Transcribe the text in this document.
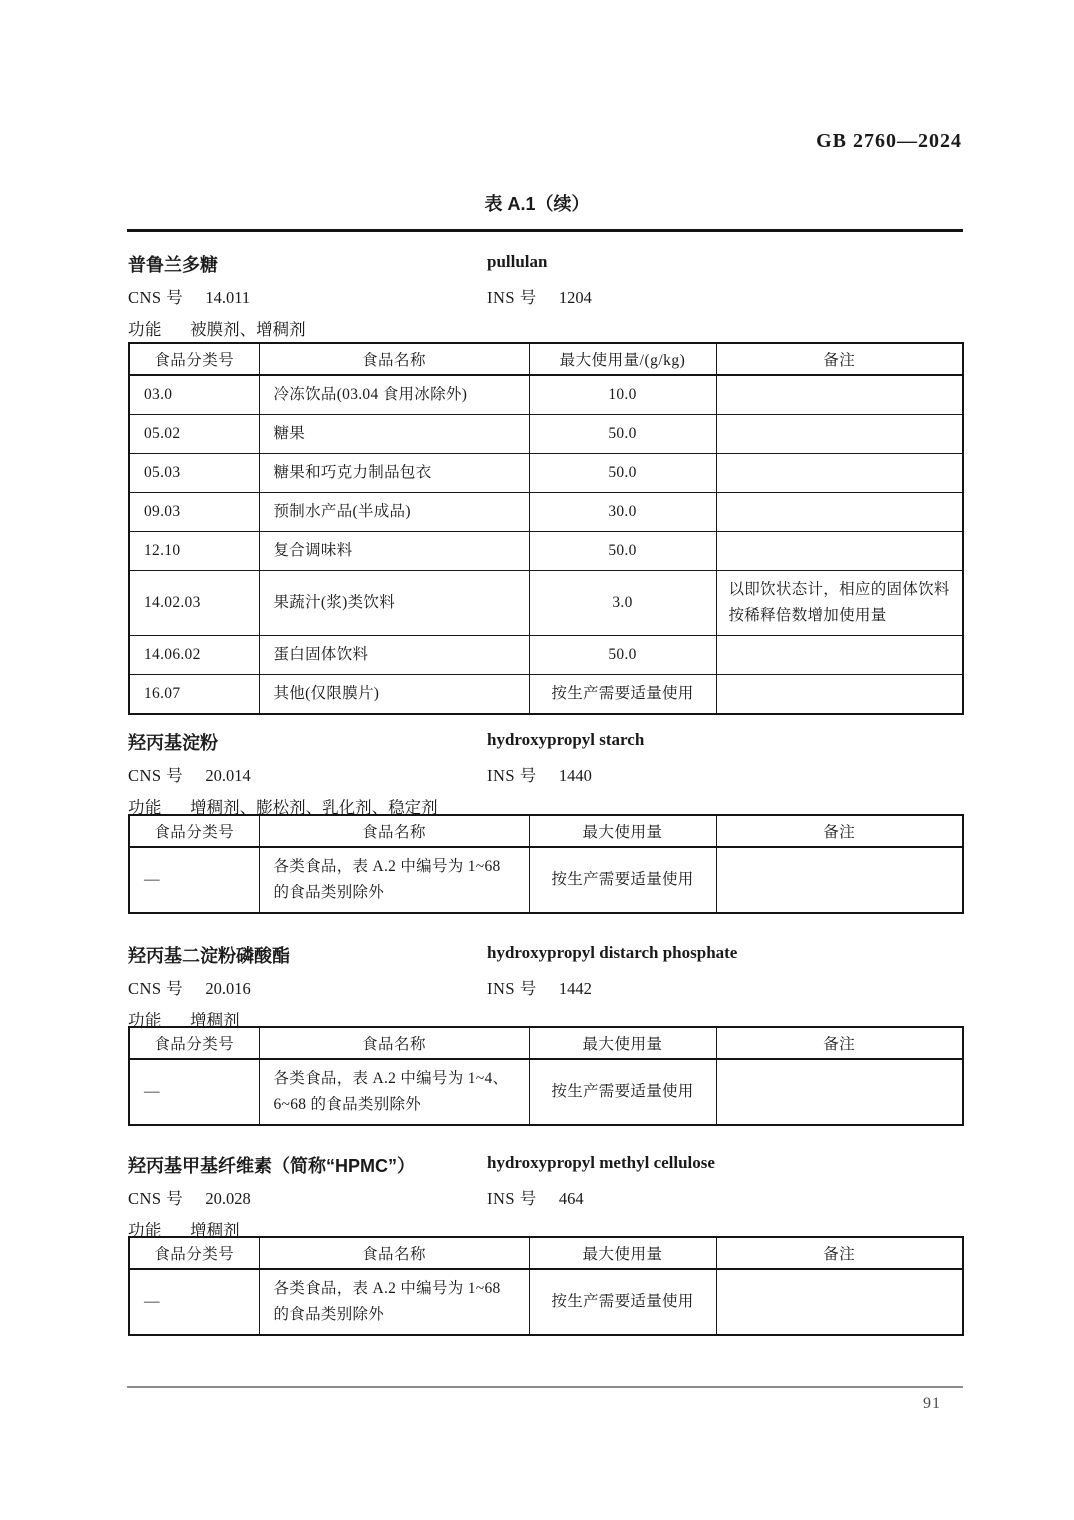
GB 2760—2024
表 A.1（续）
普鲁兰多糖	pullulan
CNS 号 14.011	INS 号 1204
功能 被膜剂、增稠剂
食品分类号	食品名称	最大使用量/(g/kg)	备注
03.0	冷冻饮品(03.04 食用冰除外)	10.0	
05.02	糖果	50.0	
05.03	糖果和巧克力制品包衣	50.0	
09.03	预制水产品(半成品)	30.0	
12.10	复合调味料	50.0	
14.02.03	果蔬汁(浆)类饮料	3.0	以即饮状态计，相应的固体饮料按稀释倍数增加使用量
14.06.02	蛋白固体饮料	50.0	
16.07	其他(仅限膜片)	按生产需要适量使用	
羟丙基淀粉	hydroxypropyl starch
CNS 号 20.014	INS 号 1440
功能 增稠剂、膨松剂、乳化剂、稳定剂
食品分类号	食品名称	最大使用量	备注
—	各类食品，表 A.2 中编号为 1~68 的食品类别除外	按生产需要适量使用	
羟丙基二淀粉磷酸酯	hydroxypropyl distarch phosphate
CNS 号 20.016	INS 号 1442
功能 增稠剂
食品分类号	食品名称	最大使用量	备注
—	各类食品，表 A.2 中编号为 1~4、6~68 的食品类别除外	按生产需要适量使用	
羟丙基甲基纤维素（简称“HPMC”）	hydroxypropyl methyl cellulose
CNS 号 20.028	INS 号 464
功能 增稠剂
食品分类号	食品名称	最大使用量	备注
—	各类食品，表 A.2 中编号为 1~68 的食品类别除外	按生产需要适量使用	
91
